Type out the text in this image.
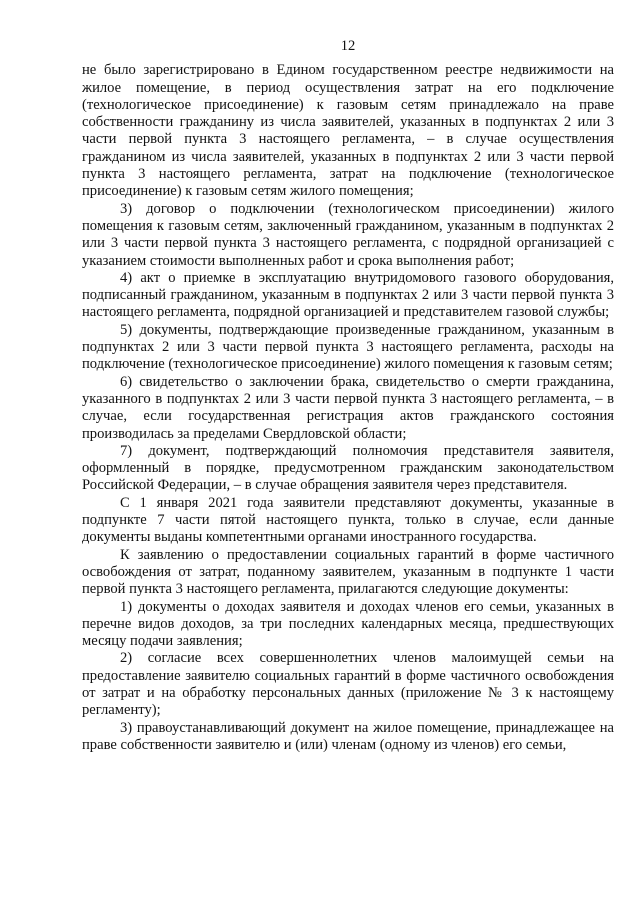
12

не было зарегистрировано в Едином государственном реестре недвижимости на жилое помещение, в период осуществления затрат на его подключение (технологическое присоединение) к газовым сетям принадлежало на праве собственности гражданину из числа заявителей, указанных в подпунктах 2 или 3 части первой пункта 3 настоящего регламента, – в случае осуществления гражданином из числа заявителей, указанных в подпунктах 2 или 3 части первой пункта 3 настоящего регламента, затрат на подключение (технологическое присоединение) к газовым сетям жилого помещения;

3) договор о подключении (технологическом присоединении) жилого помещения к газовым сетям, заключенный гражданином, указанным в подпунктах 2 или 3 части первой пункта 3 настоящего регламента, с подрядной организацией с указанием стоимости выполненных работ и срока выполнения работ;

4) акт о приемке в эксплуатацию внутридомового газового оборудования, подписанный гражданином, указанным в подпунктах 2 или 3 части первой пункта 3 настоящего регламента, подрядной организацией и представителем газовой службы;

5) документы, подтверждающие произведенные гражданином, указанным в подпунктах 2 или 3 части первой пункта 3 настоящего регламента, расходы на подключение (технологическое присоединение) жилого помещения к газовым сетям;

6) свидетельство о заключении брака, свидетельство о смерти гражданина, указанного в подпунктах 2 или 3 части первой пункта 3 настоящего регламента, – в случае, если государственная регистрация актов гражданского состояния производилась за пределами Свердловской области;

7) документ, подтверждающий полномочия представителя заявителя, оформленный в порядке, предусмотренном гражданским законодательством Российской Федерации, – в случае обращения заявителя через представителя.

С 1 января 2021 года заявители представляют документы, указанные в подпункте 7 части пятой настоящего пункта, только в случае, если данные документы выданы компетентными органами иностранного государства.

К заявлению о предоставлении социальных гарантий в форме частичного освобождения от затрат, поданному заявителем, указанным в подпункте 1 части первой пункта 3 настоящего регламента, прилагаются следующие документы:

1) документы о доходах заявителя и доходах членов его семьи, указанных в перечне видов доходов, за три последних календарных месяца, предшествующих месяцу подачи заявления;

2) согласие всех совершеннолетних членов малоимущей семьи на предоставление заявителю социальных гарантий в форме частичного освобождения от затрат и на обработку персональных данных (приложение № 3 к настоящему регламенту);

3) правоустанавливающий документ на жилое помещение, принадлежащее на праве собственности заявителю и (или) членам (одному из членов) его семьи,
